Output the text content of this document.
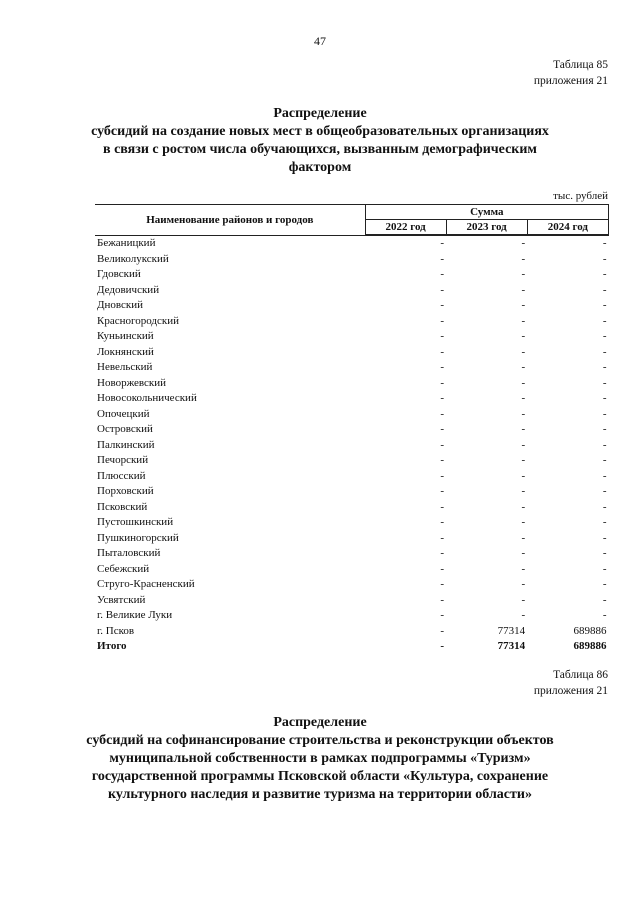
47
Таблица 85
приложения 21
Распределение
субсидий на создание новых мест в общеобразовательных организациях
в связи с ростом числа обучающихся, вызванным демографическим
фактором
тыс. рублей
Наименование районов и городов	Сумма		
	2022 год	2023 год	2024 год
Бежаницкий	-	-	-
Великолукский	-	-	-
Гдовский	-	-	-
Дедовичский	-	-	-
Дновский	-	-	-
Красногородский	-	-	-
Куньинский	-	-	-
Локнянский	-	-	-
Невельский	-	-	-
Новоржевский	-	-	-
Новосокольнический	-	-	-
Опочецкий	-	-	-
Островский	-	-	-
Палкинский	-	-	-
Печорский	-	-	-
Плюсский	-	-	-
Порховский	-	-	-
Псковский	-	-	-
Пустошкинский	-	-	-
Пушкиногорский	-	-	-
Пыталовский	-	-	-
Себежский	-	-	-
Струго-Красненский	-	-	-
Усвятский	-	-	-
г. Великие Луки	-	-	-
г. Псков	-	77314	689886
Итого	-	77314	689886
Таблица 86
приложения 21
Распределение
субсидий на софинансирование строительства и реконструкции объектов
муниципальной собственности в рамках подпрограммы «Туризм»
государственной программы Псковской области «Культура, сохранение
культурного наследия и развитие туризма на территории области»
